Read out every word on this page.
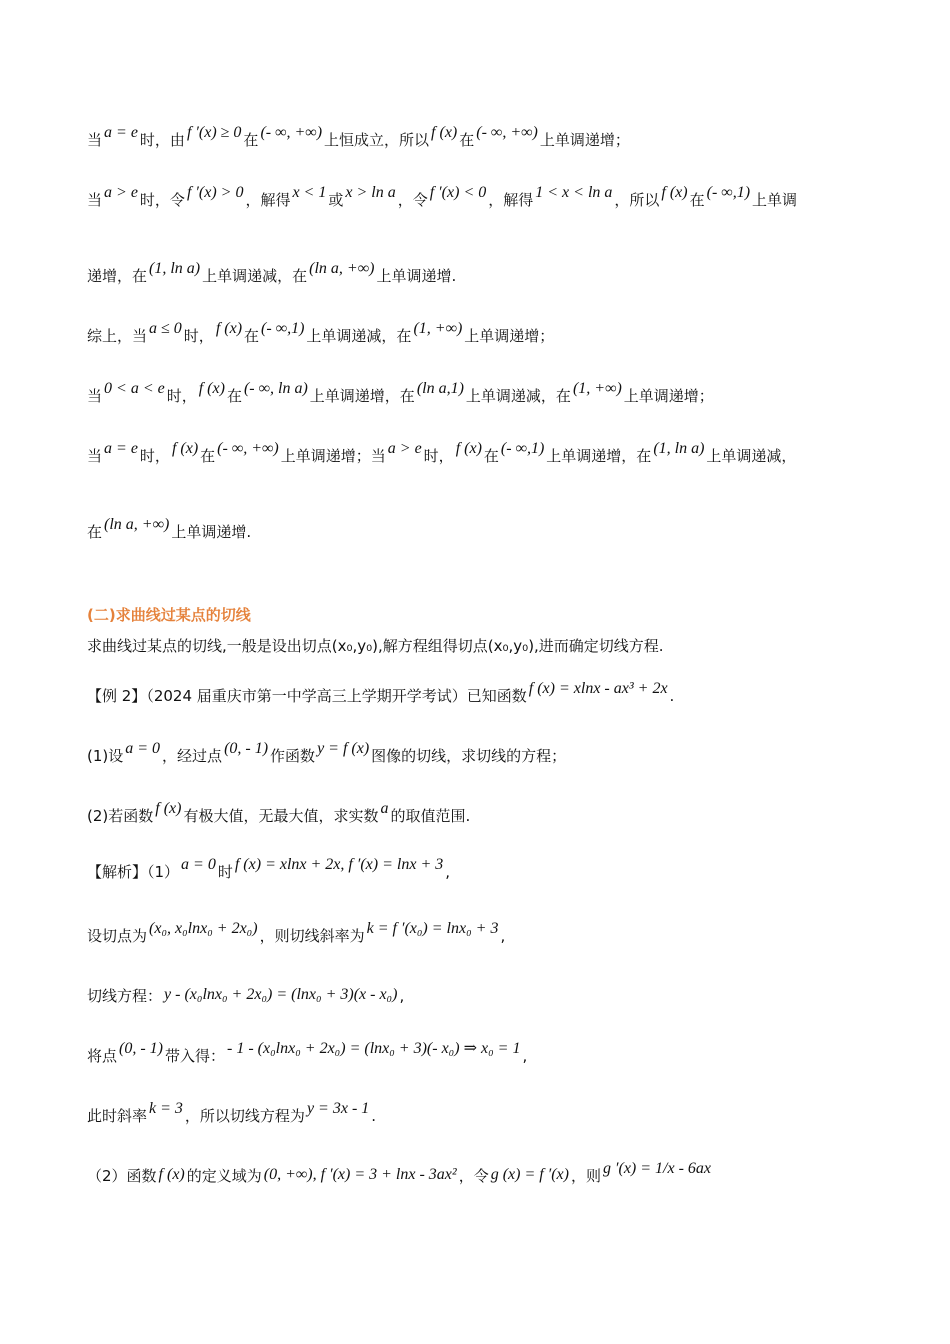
当 a = e 时，由 f ′(x) ≥ 0 在 (- ∞, +∞) 上恒成立，所以 f (x) 在 (- ∞, +∞) 上单调递增；
当 a > e 时，令 f ′(x) > 0 ，解得 x < 1 或 x > ln a ，令 f ′(x) < 0 ，解得 1 < x < ln a ，所以 f (x) 在 (- ∞,1) 上单调
递增，在 (1, ln a) 上单调递减，在 (ln a, +∞) 上单调递增.
综上，当 a ≤ 0 时， f (x) 在 (- ∞,1) 上单调递减，在 (1, +∞) 上单调递增；
当 0 < a < e 时， f (x) 在 (- ∞, ln a) 上单调递增，在 (ln a,1) 上单调递减，在 (1, +∞) 上单调递增；
当 a = e 时， f (x) 在 (- ∞, +∞) 上单调递增；当 a > e 时， f (x) 在 (- ∞,1) 上单调递增，在 (1, ln a) 上单调递减，
在 (ln a, +∞) 上单调递增.
求曲线过某点的切线,一般是设出切点(x₀,y₀),解方程组得切点(x₀,y₀),进而确定切线方程.
【例 2】（2024 届重庆市第一中学高三上学期开学考试）已知函数 f (x) = xlnx - ax³ + 2x .
(1)设 a = 0 ，经过点 (0, - 1) 作函数 y = f (x) 图像的切线，求切线的方程；
(2)若函数 f (x) 有极大值，无最大值，求实数 a 的取值范围.
【解析】（1） a = 0 时 f (x) = xlnx + 2x, f ′(x) = lnx + 3 ,
设切点为 (x₀, x₀lnx₀ + 2x₀) ，则切线斜率为 k = f ′(x₀) = lnx₀ + 3 ,
切线方程： y - (x₀lnx₀ + 2x₀) = (lnx₀ + 3)(x - x₀) ,
将点 (0, - 1) 带入得： - 1 - (x₀lnx₀ + 2x₀) = (lnx₀ + 3)(- x₀) ⇒ x₀ = 1 ,
此时斜率 k = 3 ，所以切线方程为 y = 3x - 1 .
（2）函数 f (x) 的定义域为 (0, +∞), f ′(x) = 3 + lnx - 3ax² ，令 g (x) = f ′(x) ，则 g ′(x) = 1/x - 6ax
(二)求曲线过某点的切线
